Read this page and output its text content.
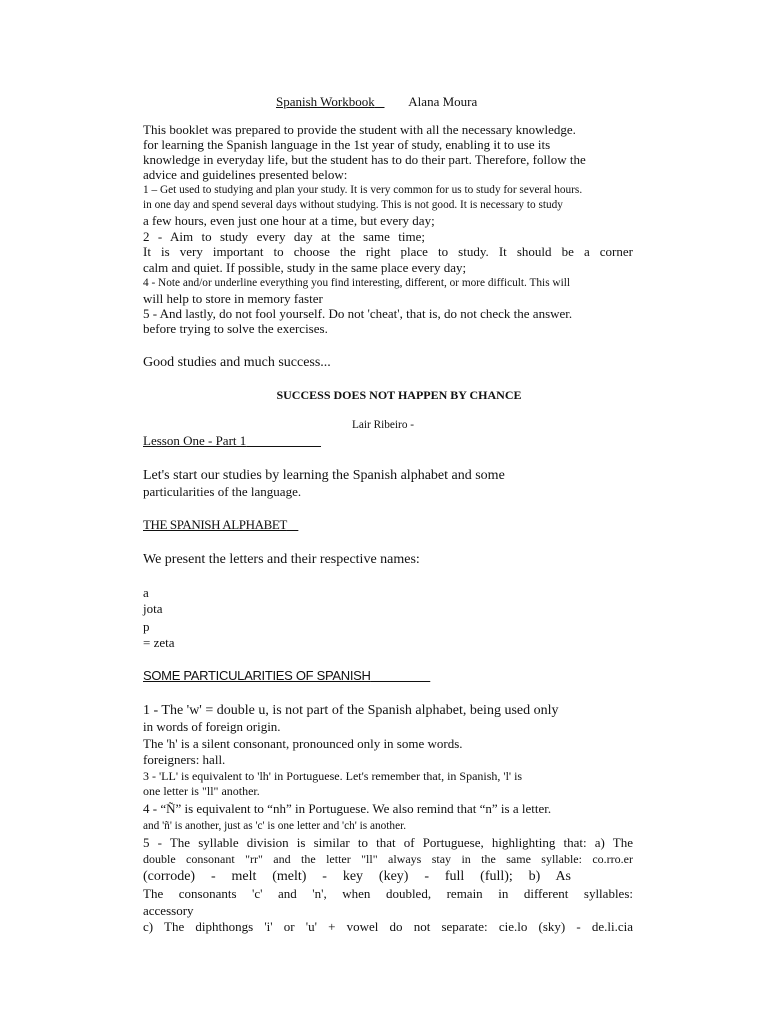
Spanish Workbook	Alana Moura
This booklet was prepared to provide the student with all the necessary knowledge.
for learning the Spanish language in the 1st year of study, enabling it to use its
knowledge in everyday life, but the student has to do their part. Therefore, follow the
advice and guidelines presented below:
1 – Get used to studying and plan your study. It is very common for us to study for several hours.
in one day and spend several days without studying. This is not good. It is necessary to study
a few hours, even just one hour at a time, but every day;
2 - Aim to study every day at the same time;
It is very important to choose the right place to study. It should be a corner
calm and quiet. If possible, study in the same place every day;
4 - Note and/or underline everything you find interesting, different, or more difficult. This will
will help to store in memory faster
5 - And lastly, do not fool yourself. Do not 'cheat', that is, do not check the answer.
before trying to solve the exercises.
Good studies and much success...
SUCCESS DOES NOT HAPPEN BY CHANCE
Lair Ribeiro -
Lesson One - Part 1
Let's start our studies by learning the Spanish alphabet and some
particularities of the language.
THE SPANISH ALPHABET
We present the letters and their respective names:
a
jota
p
= zeta
SOME PARTICULARITIES OF SPANISH
1 - The 'w' = double u, is not part of the Spanish alphabet, being used only
in words of foreign origin.
The 'h' is a silent consonant, pronounced only in some words.
foreigners: hall.
3 - 'LL' is equivalent to 'lh' in Portuguese. Let's remember that, in Spanish, 'l' is
one letter is "ll" another.
4 - “Ñ” is equivalent to “nh” in Portuguese. We also remind that “n” is a letter.
and 'ñ' is another, just as 'c' is one letter and 'ch' is another.
5 - The syllable division is similar to that of Portuguese, highlighting that: a) The
double consonant "rr" and the letter "ll" always stay in the same syllable: co.rro.er
(corrode) - melt (melt) - key (key) - full (full); b) As
The consonants 'c' and 'n', when doubled, remain in different syllables:
accessory
c) The diphthongs 'i' or 'u' + vowel do not separate: cie.lo (sky) - de.li.cia
